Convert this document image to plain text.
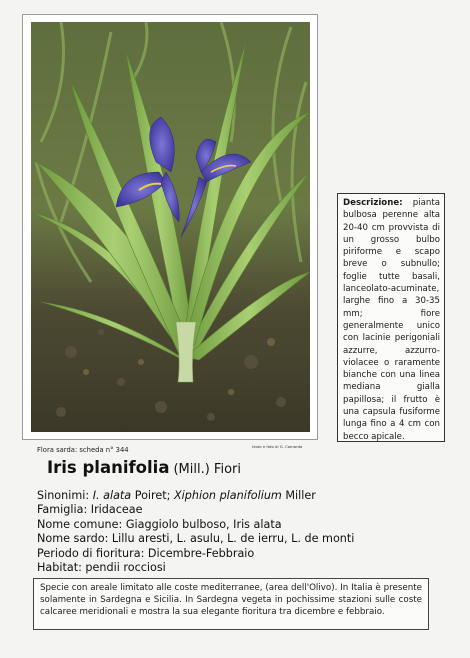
Descrizione: pianta bulbosa perenne alta 20-40 cm provvista di un grosso bulbo piriforme e scapo breve o subnullo; foglie tutte basali, lanceolato-acuminate, larghe fino a 30-35 mm; fiore generalmente unico con lacinie perigoniali azzurre, azzurro-violacee o raramente bianche con una linea mediana gialla papillosa; il frutto è una capsula fusiforme lunga fino a 4 cm con becco apicale.
Flora sarda: scheda n° 344	testo e foto di G. Camarda
Iris planifolia (Mill.) Fiori
Sinonimi: I. alata Poiret; Xiphion planifolium Miller
Famiglia: Iridaceae
Nome comune: Giaggiolo bulboso, Iris alata
Nome sardo: Lillu aresti, L. asulu, L. de ierru, L. de monti
Periodo di fioritura: Dicembre-Febbraio
Habitat: pendii rocciosi
Specie con areale limitato alle coste mediterranee, (area dell'Olivo). In Italia è presente solamente in Sardegna e Sicilia. In Sardegna vegeta in pochissime stazioni sulle coste calcaree meridionali e mostra la sua elegante fioritura tra dicembre e febbraio.
